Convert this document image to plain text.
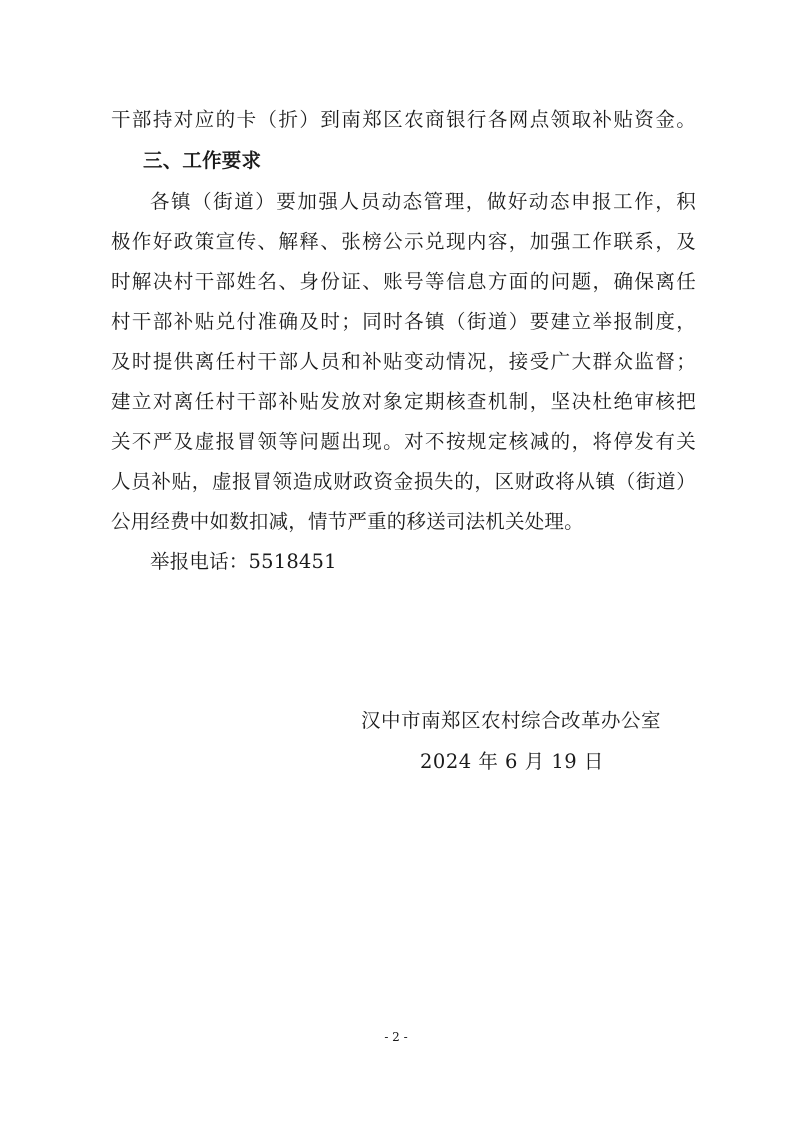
干部持对应的卡（折）到南郑区农商银行各网点领取补贴资金。
三、工作要求
各镇（街道）要加强人员动态管理，做好动态申报工作，积
极作好政策宣传、解释、张榜公示兑现内容，加强工作联系，及
时解决村干部姓名、身份证、账号等信息方面的问题，确保离任
村干部补贴兑付准确及时；同时各镇（街道）要建立举报制度，
及时提供离任村干部人员和补贴变动情况，接受广大群众监督；
建立对离任村干部补贴发放对象定期核查机制，坚决杜绝审核把
关不严及虚报冒领等问题出现。对不按规定核减的，将停发有关
人员补贴，虚报冒领造成财政资金损失的，区财政将从镇（街道）
公用经费中如数扣减，情节严重的移送司法机关处理。
举报电话：5518451
汉中市南郑区农村综合改革办公室
2024 年 6 月 19 日
- 2 -
